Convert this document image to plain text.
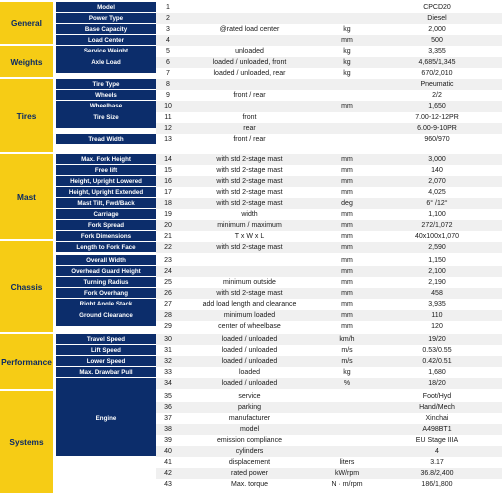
General
Weights
Tires
Mast
Chassis
Performance
Systems
Model	1	CPCD20
Power Type	2	Diesel
Base Capacity	3	@rated load center	kg	2,000
Load Center	4	mm	500
5	unloaded	kg	3,355
Axle Load	6	loaded / unloaded, front	kg	4,685/1,345
7	loaded / unloaded, rear	kg	670/2,010
Tire Type	8	Pneumatic
Wheels	9	front / rear	2/2
10	mm	1,650
Tire Size	11	front	7.00-12-12PR
12	rear	6.00-9-10PR
Tread Width	13	front / rear	960/970
Max. Fork Height	14	with std 2-stage mast	mm	3,000
Free lift	15	with std 2-stage mast	mm	140
Height, Upright Lowered	16	with std 2-stage mast	mm	2,070
Height, Upright Extended	17	with std 2-stage mast	mm	4,025
Mast Tilt, Fwd/Back	18	with std 2-stage mast	deg	6° /12°
Carriage	19	width	mm	1,100
Fork Spread	20	minimum / maximum	mm	272/1,072
Fork Dimensions	21	T x W x L	mm	40x100x1,070
Length to Fork Face	22	with std 2-stage mast	mm	2,590
Overall Width	23	mm	1,150
Overhead Guard Height	24	mm	2,100
Turning Radius	25	minimum outside	mm	2,190
Fork Overhang	26	with std 2-stage mast	mm	458
27	add load length and clearance	mm	3,935
Ground Clearance	28	minimum loaded	mm	110
29	center of wheelbase	mm	120
Travel Speed	30	loaded / unloaded	km/h	19/20
Lift Speed	31	loaded / unloaded	m/s	0.53/0.55
Lower Speed	32	loaded / unloaded	m/s	0.42/0.51
Max. Drawbar Pull	33	loaded	kg	1,680
34	loaded / unloaded	%	18/20
35	service	Foot/Hyd
36	parking	Hand/Mech
Engine	37	manufacturer	Xinchai
38	model	A498BT1
39	emission compliance	EU Stage IIIA
40	cylinders	4
41	displacement	liters	3.17
42	rated power	kW/rpm	36.8/2,400
43	Max. torque	N · m/rpm	186/1,800
